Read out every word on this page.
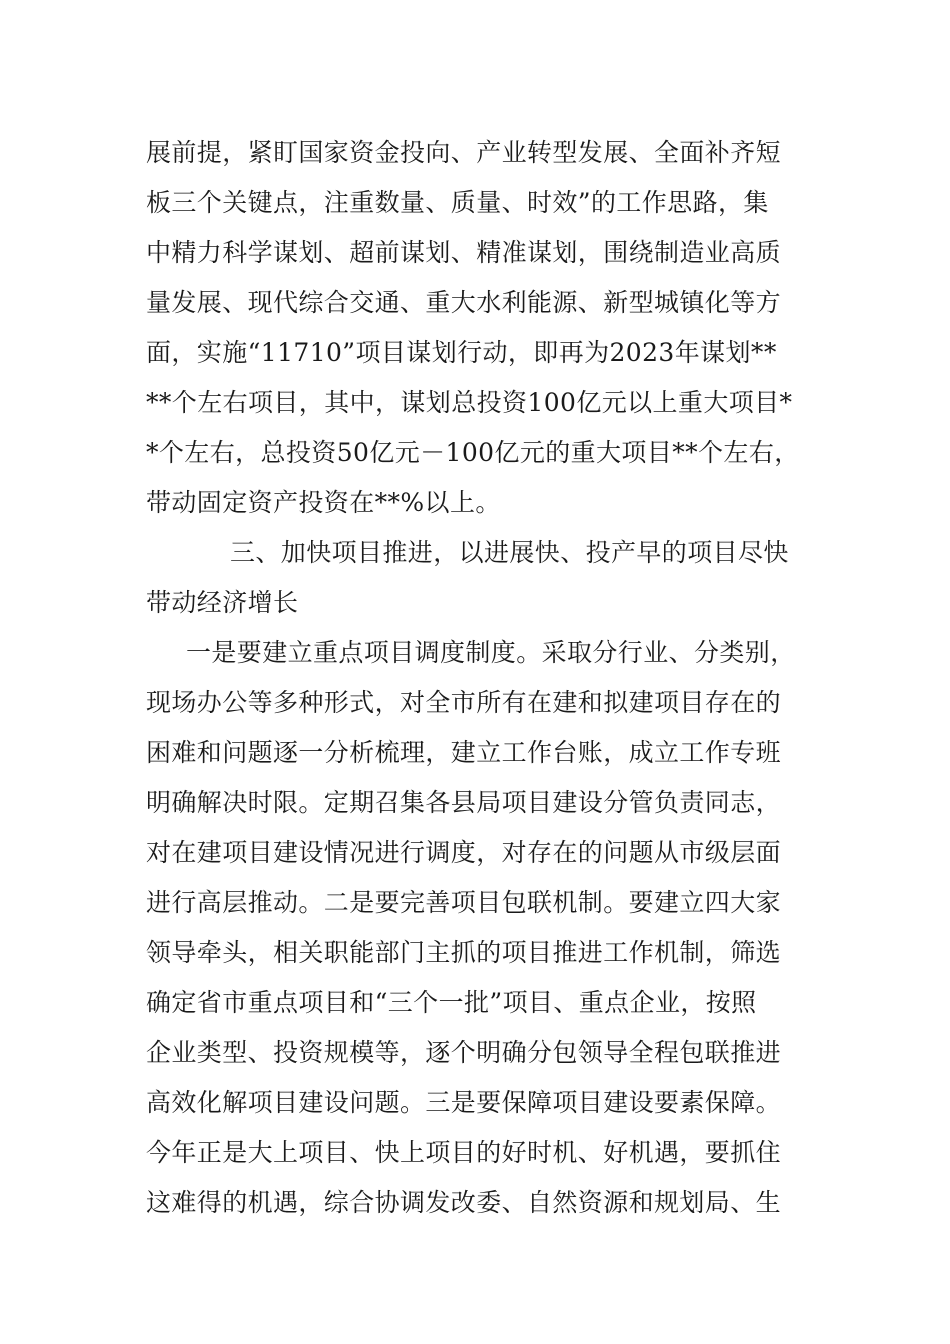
展前提，紧盯国家资金投向、产业转型发展、全面补齐短
板三个关键点，注重数量、质量、时效”的工作思路，集
中精力科学谋划、超前谋划、精准谋划，围绕制造业高质
量发展、现代综合交通、重大水利能源、新型城镇化等方
面，实施“11710”项目谋划行动，即再为2023年谋划**
**个左右项目，其中，谋划总投资100亿元以上重大项目*
*个左右，总投资50亿元－100亿元的重大项目**个左右，
带动固定资产投资在**%以上。
三、加快项目推进，以进展快、投产早的项目尽快
带动经济增长
一是要建立重点项目调度制度。采取分行业、分类别，
现场办公等多种形式，对全市所有在建和拟建项目存在的
困难和问题逐一分析梳理，建立工作台账，成立工作专班
明确解决时限。定期召集各县局项目建设分管负责同志，
对在建项目建设情况进行调度，对存在的问题从市级层面
进行高层推动。二是要完善项目包联机制。要建立四大家
领导牵头，相关职能部门主抓的项目推进工作机制，筛选
确定省市重点项目和“三个一批”项目、重点企业，按照
企业类型、投资规模等，逐个明确分包领导全程包联推进
高效化解项目建设问题。三是要保障项目建设要素保障。
今年正是大上项目、快上项目的好时机、好机遇，要抓住
这难得的机遇，综合协调发改委、自然资源和规划局、生
